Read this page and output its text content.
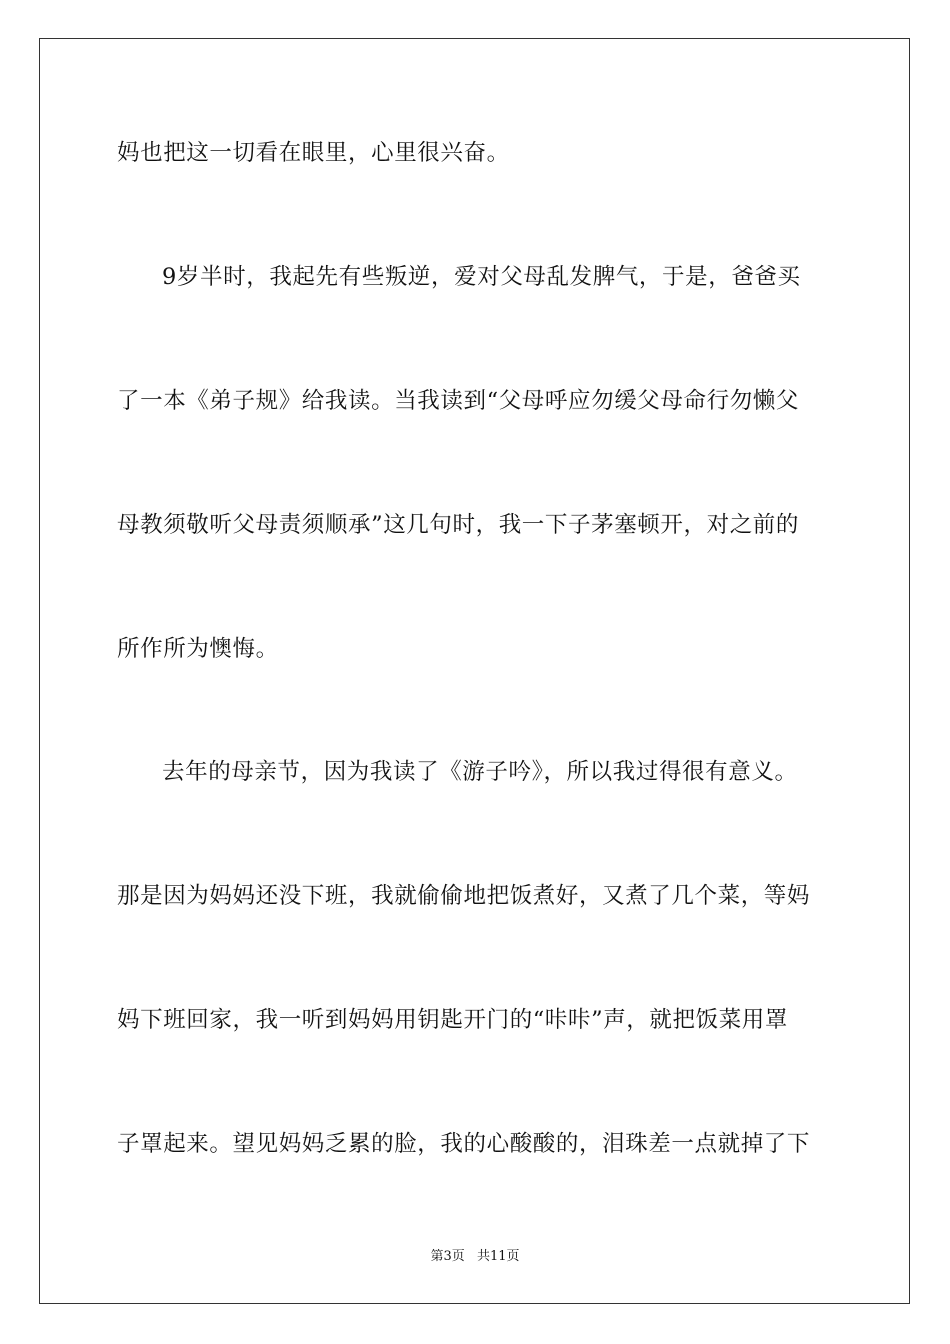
妈也把这一切看在眼里，心里很兴奋。
9岁半时，我起先有些叛逆，爱对父母乱发脾气，于是，爸爸买
了一本《弟子规》给我读。当我读到“父母呼应勿缓父母命行勿懒父
母教须敬听父母责须顺承”这几句时，我一下子茅塞顿开，对之前的
所作所为懊悔。
去年的母亲节，因为我读了《游子吟》，所以我过得很有意义。
那是因为妈妈还没下班，我就偷偷地把饭煮好，又煮了几个菜，等妈
妈下班回家，我一听到妈妈用钥匙开门的“咔咔”声，就把饭菜用罩
子罩起来。望见妈妈乏累的脸，我的心酸酸的，泪珠差一点就掉了下
第3页 共11页
